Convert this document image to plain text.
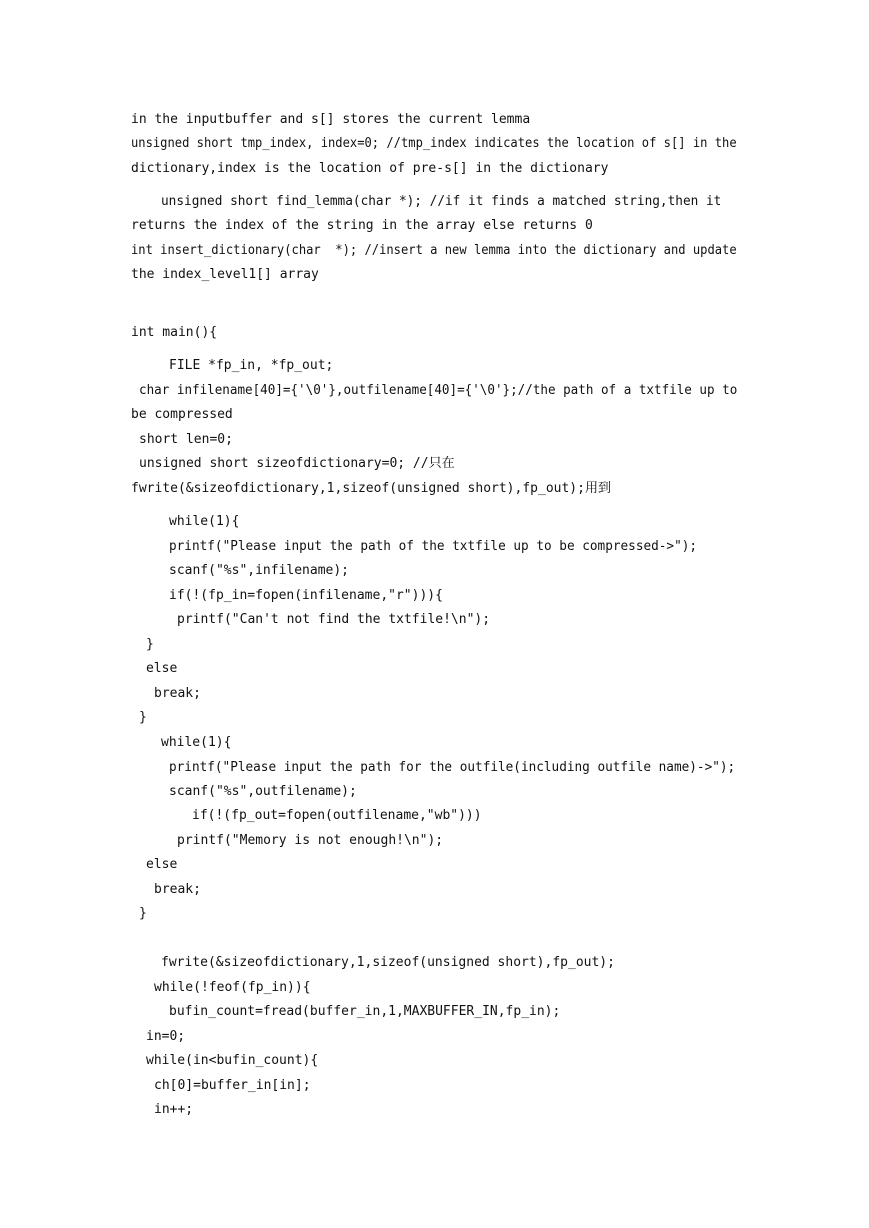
in the inputbuffer and s[] stores the current lemma
unsigned short tmp_index, index=0; //tmp_index indicates the location of s[] in the
dictionary,index is the location of pre-s[] in the dictionary
unsigned short find_lemma(char *); //if it finds a matched string,then it
returns the index of the string in the array else returns 0
int insert_dictionary(char  *); //insert a new lemma into the dictionary and update
the index_level1[] array
int main(){
FILE *fp_in, *fp_out;
char infilename[40]={'\0'},outfilename[40]={'\0'};//the path of a txtfile up to
be compressed
short len=0;
unsigned short sizeofdictionary=0; //只在
fwrite(&sizeofdictionary,1,sizeof(unsigned short),fp_out);用到
while(1){
printf("Please input the path of the txtfile up to be compressed->");
scanf("%s",infilename);
if(!(fp_in=fopen(infilename,"r"))){
printf("Can't not find the txtfile!\n");
}
else
break;
}
while(1){
printf("Please input the path for the outfile(including outfile name)->");
scanf("%s",outfilename);
if(!(fp_out=fopen(outfilename,"wb")))
printf("Memory is not enough!\n");
else
break;
}
fwrite(&sizeofdictionary,1,sizeof(unsigned short),fp_out);
while(!feof(fp_in)){
bufin_count=fread(buffer_in,1,MAXBUFFER_IN,fp_in);
in=0;
while(in<bufin_count){
ch[0]=buffer_in[in];
in++;
